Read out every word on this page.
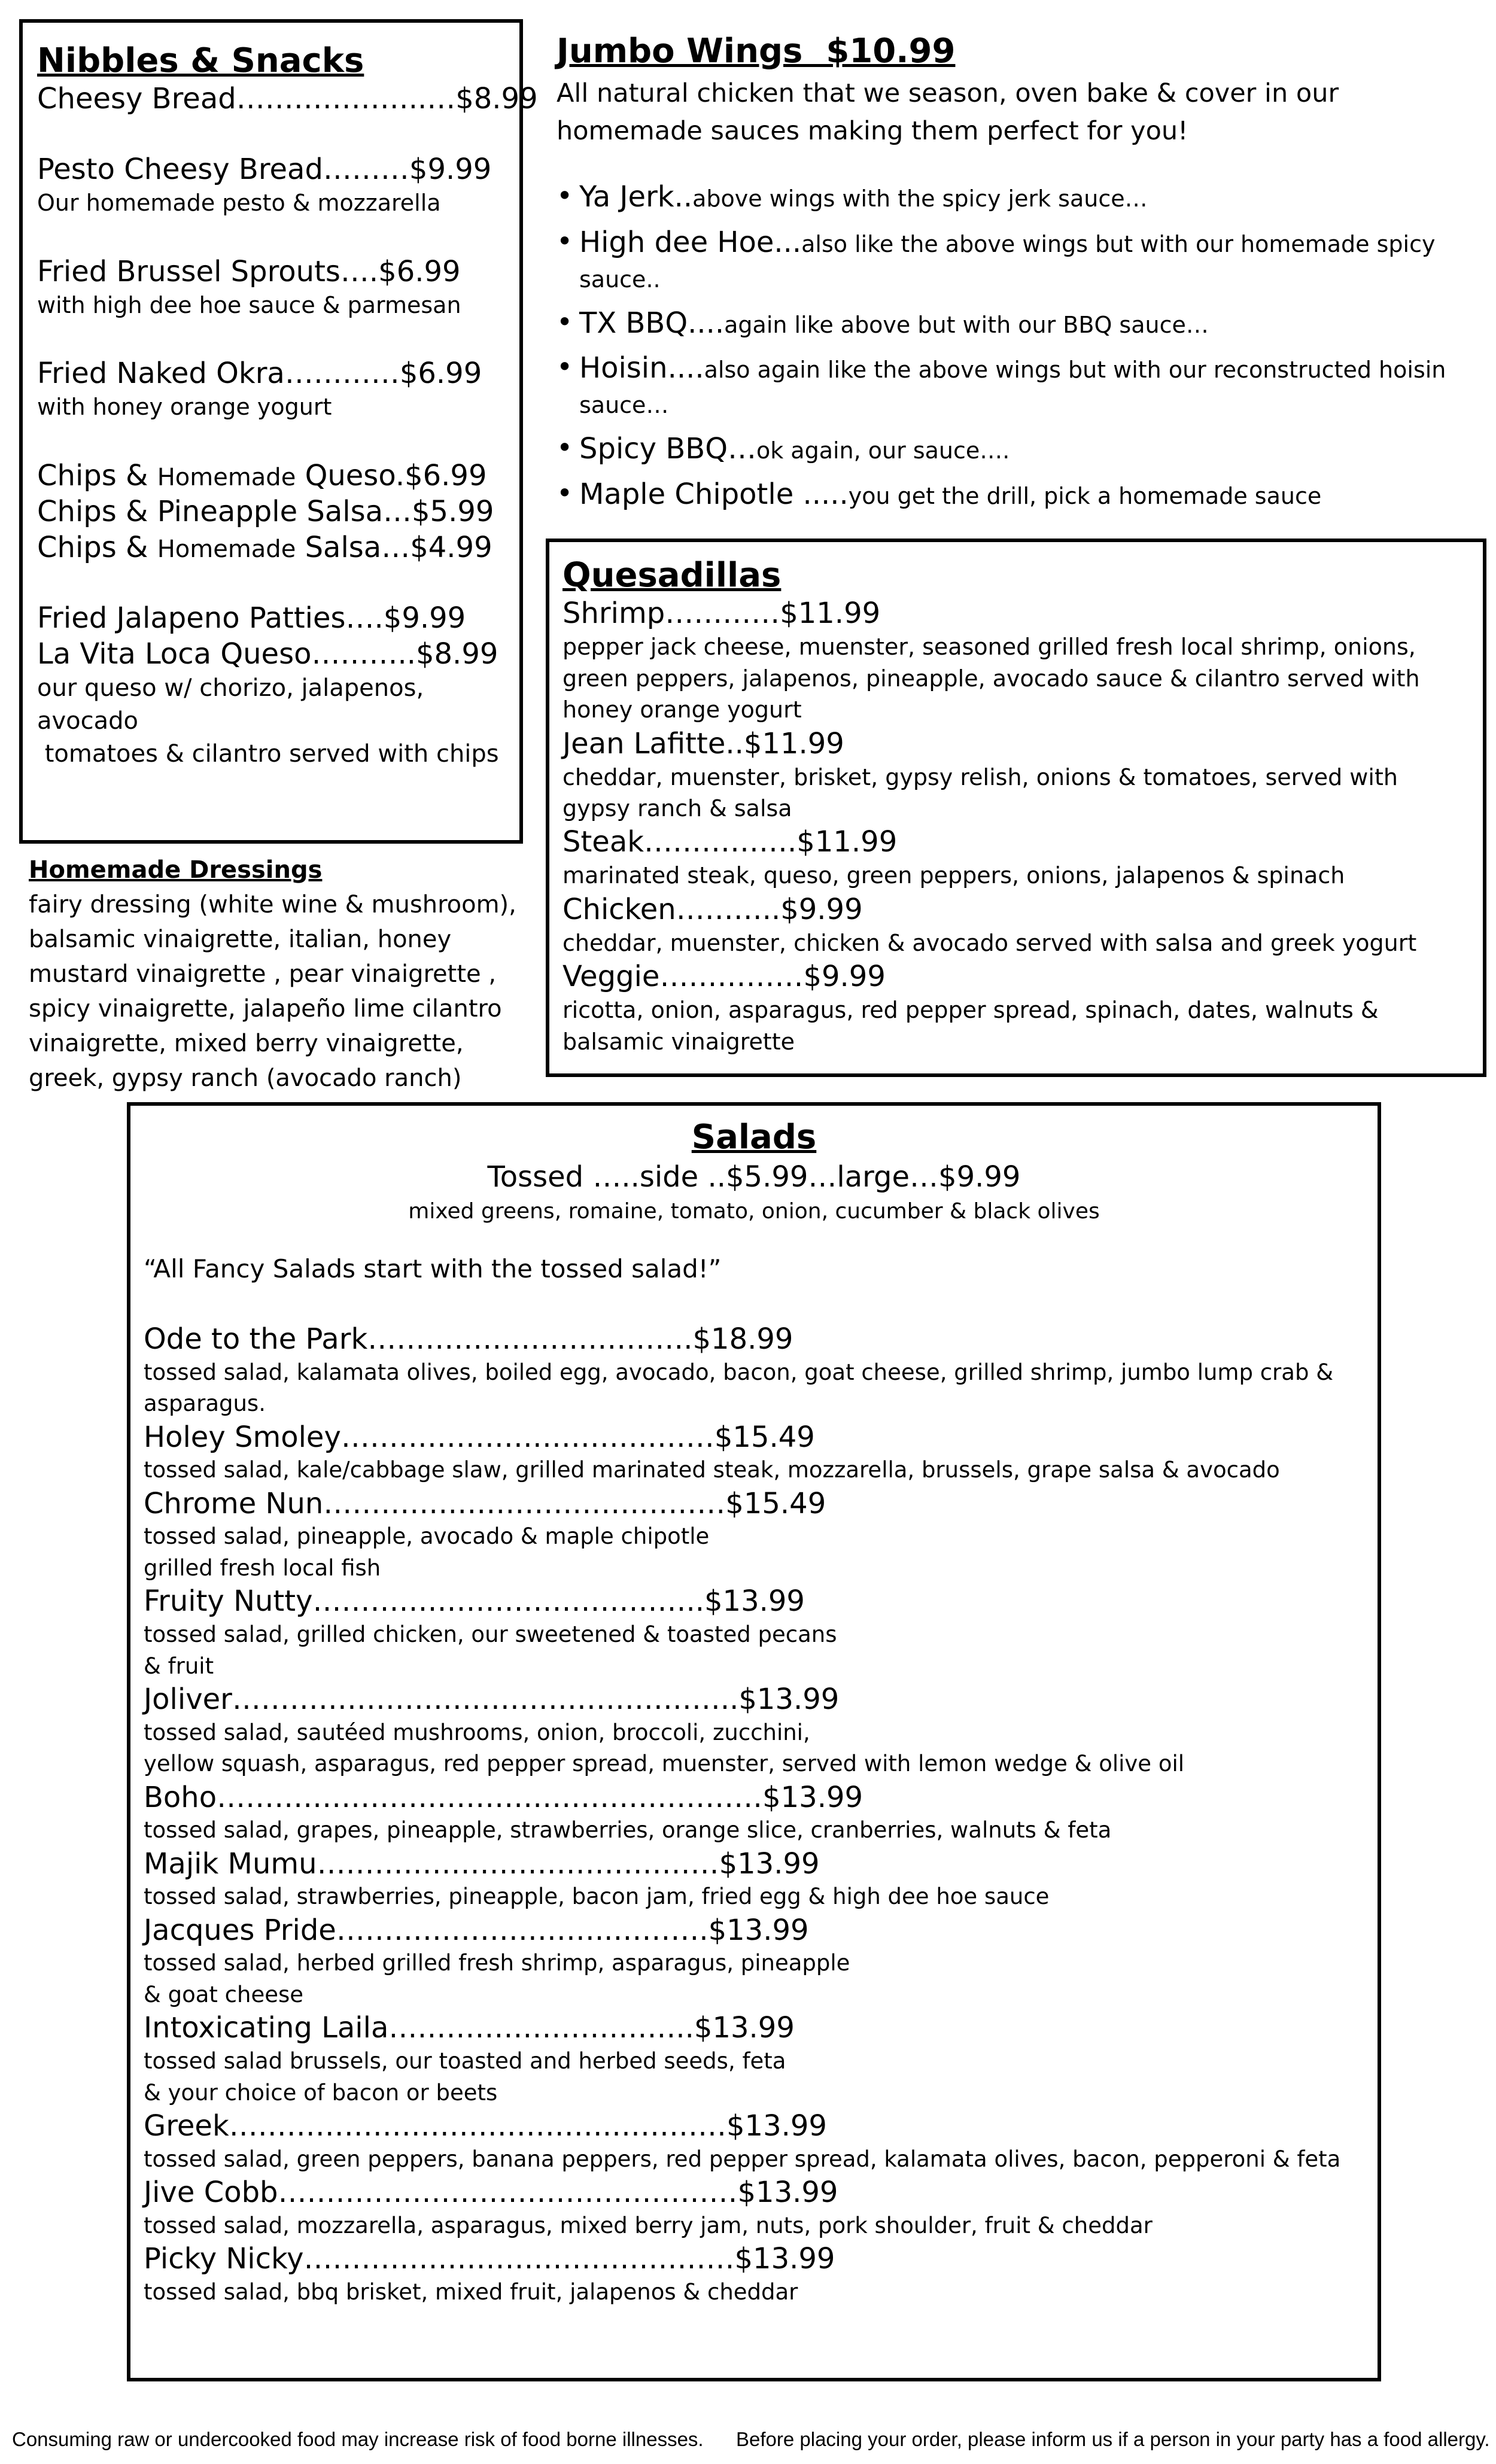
Nibbles & Snacks
Cheesy Bread………………..…$8.99
Pesto Cheesy Bread………$9.99
Our homemade pesto & mozzarella
Fried Brussel Sprouts….$6.99
with high dee hoe sauce & parmesan
Fried Naked Okra…………$6.99
with honey orange yogurt
Chips & Homemade Queso.$6.99
Chips & Pineapple Salsa…$5.99
Chips & Homemade Salsa…$4.99
Fried Jalapeno Patties….$9.99
La Vita Loca Queso………..$8.99
our queso w/ chorizo, jalapenos, avocado
tomatoes & cilantro served with chips
Homemade Dressings
fairy dressing (white wine & mushroom), balsamic vinaigrette, italian, honey mustard vinaigrette , pear vinaigrette , spicy vinaigrette, jalapeño lime cilantro vinaigrette, mixed berry vinaigrette, greek, gypsy ranch (avocado ranch)
Jumbo Wings  $10.99
All natural chicken that we season, oven bake & cover in our homemade sauces making them perfect for you!
• Ya Jerk..above wings with the spicy jerk sauce…
• High dee Hoe...also like the above wings but with our homemade spicy sauce..
• TX BBQ....again like above but with our BBQ sauce…
• Hoisin....also again like the above wings but with our reconstructed hoisin sauce…
• Spicy BBQ…ok again, our sauce….
• Maple Chipotle .....you get the drill, pick a homemade sauce
Quesadillas
Shrimp…………$11.99
pepper jack cheese, muenster, seasoned grilled fresh local shrimp, onions, green peppers, jalapenos, pineapple, avocado sauce & cilantro served with honey orange yogurt
Jean Lafitte..$11.99
cheddar, muenster, brisket, gypsy relish, onions & tomatoes, served with gypsy ranch & salsa
Steak…………….$11.99
marinated steak, queso, green peppers, onions, jalapenos & spinach
Chicken………..$9.99
cheddar, muenster, chicken & avocado served with salsa and greek yogurt
Veggie……………$9.99
ricotta, onion, asparagus, red pepper spread, spinach, dates, walnuts & balsamic vinaigrette
Salads
Tossed …..side ..$5.99…large…$9.99
mixed greens, romaine, tomato, onion, cucumber & black olives
“All Fancy Salads start with the tossed salad!”
Ode to the Park…………………………….$18.99
tossed salad, kalamata olives, boiled egg, avocado, bacon, goat cheese, grilled shrimp, jumbo lump crab & asparagus.
Holey Smoley…………………………………$15.49
tossed salad, kale/cabbage slaw, grilled marinated steak, mozzarella, brussels, grape salsa & avocado
Chrome Nun……………………………………$15.49
tossed salad, pineapple, avocado & maple chipotle
grilled fresh local fish
Fruity Nutty…………………………………..$13.99
tossed salad, grilled chicken, our sweetened & toasted pecans
& fruit
Joliver……………………………………………..$13.99
tossed salad, sautéed mushrooms, onion, broccoli, zucchini,
yellow squash, asparagus, red pepper spread, muenster, served with lemon wedge & olive oil
Boho…………………………………………………$13.99
tossed salad, grapes, pineapple, strawberries, orange slice, cranberries, walnuts & feta
Majik Mumu……………………………………$13.99
tossed salad, strawberries, pineapple, bacon jam, fried egg & high dee hoe sauce
Jacques Pride………………………..……….$13.99
tossed salad, herbed grilled fresh shrimp, asparagus, pineapple
& goat cheese
Intoxicating Laila…………………………..$13.99
tossed salad brussels, our toasted and herbed seeds, feta
& your choice of bacon or beets
Greek………………………………….…………$13.99
tossed salad, green peppers, banana peppers, red pepper spread, kalamata olives, bacon, pepperoni & feta
Jive Cobb…………………………………………$13.99
tossed salad, mozzarella, asparagus, mixed berry jam, nuts, pork shoulder, fruit & cheddar
Picky Nicky………………………………………$13.99
tossed salad, bbq brisket, mixed fruit, jalapenos & cheddar
Consuming raw or undercooked food may increase risk of food borne illnesses. Before placing your order, please inform us if a person in your party has a food allergy.
